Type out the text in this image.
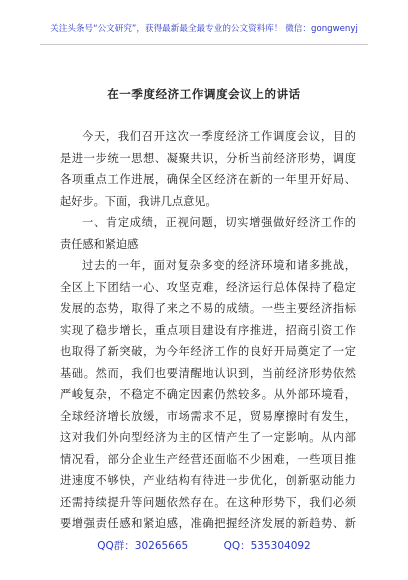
关注头条号“公文研究”，获得最新最全最专业的公文资料库！ 微信：gongwenyj
在一季度经济工作调度会议上的讲话
今天，我们召开这次一季度经济工作调度会议，目的
是进一步统一思想、凝聚共识，分析当前经济形势，调度
各项重点工作进展，确保全区经济在新的一年里开好局、
起好步。下面，我讲几点意见。
一、肯定成绩，正视问题，切实增强做好经济工作的
责任感和紧迫感
过去的一年，面对复杂多变的经济环境和诸多挑战，
全区上下团结一心、攻坚克难，经济运行总体保持了稳定
发展的态势，取得了来之不易的成绩。一些主要经济指标
实现了稳步增长，重点项目建设有序推进，招商引资工作
也取得了新突破，为今年经济工作的良好开局奠定了一定
基础。然而，我们也要清醒地认识到，当前经济形势依然
严峻复杂，不稳定不确定因素仍然较多。从外部环境看，
全球经济增长放缓，市场需求不足，贸易摩擦时有发生，
这对我们外向型经济为主的区情产生了一定影响。从内部
情况看，部分企业生产经营还面临不少困难，一些项目推
进速度不够快，产业结构有待进一步优化，创新驱动能力
还需持续提升等问题依然存在。在这种形势下，我们必须
要增强责任感和紧迫感，准确把握经济发展的新趋势、新
QQ群：30265665	QQ：535304092
